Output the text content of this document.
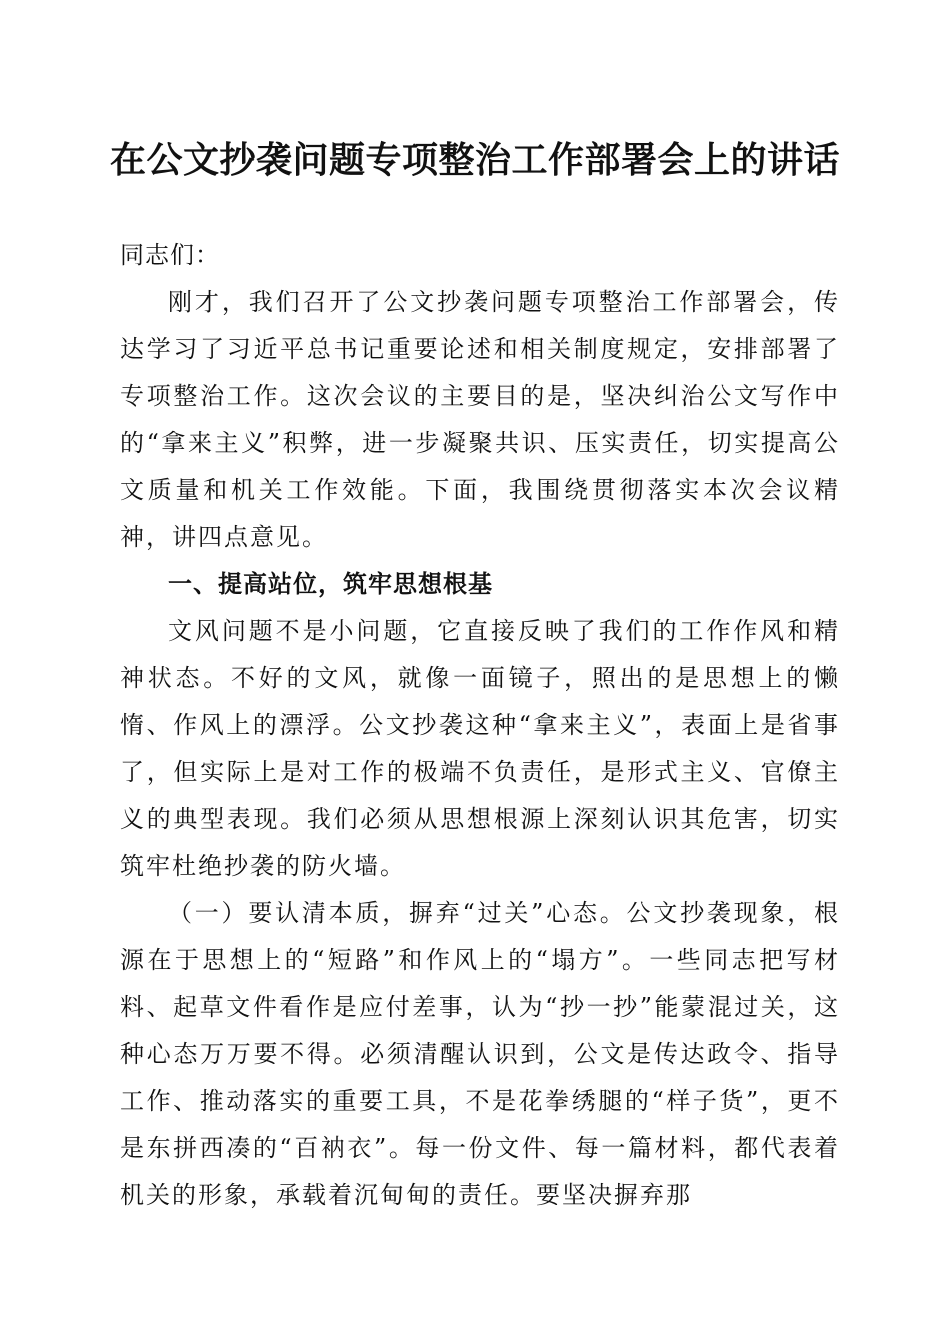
在公文抄袭问题专项整治工作部署会上的讲话

同志们：

刚才，我们召开了公文抄袭问题专项整治工作部署会，传达学习了习近平总书记重要论述和相关制度规定，安排部署了专项整治工作。这次会议的主要目的是，坚决纠治公文写作中的“拿来主义”积弊，进一步凝聚共识、压实责任，切实提高公文质量和机关工作效能。下面，我围绕贯彻落实本次会议精神，讲四点意见。

一、提高站位，筑牢思想根基

文风问题不是小问题，它直接反映了我们的工作作风和精神状态。不好的文风，就像一面镜子，照出的是思想上的懒惰、作风上的漂浮。公文抄袭这种“拿来主义”，表面上是省事了，但实际上是对工作的极端不负责任，是形式主义、官僚主义的典型表现。我们必须从思想根源上深刻认识其危害，切实筑牢杜绝抄袭的防火墙。

（一）要认清本质，摒弃“过关”心态。公文抄袭现象，根源在于思想上的“短路”和作风上的“塌方”。一些同志把写材料、起草文件看作是应付差事，认为“抄一抄”能蒙混过关，这种心态万万要不得。必须清醒认识到，公文是传达政令、指导工作、推动落实的重要工具，不是花拳绣腿的“样子货”，更不是东拼西凑的“百衲衣”。每一份文件、每一篇材料，都代表着机关的形象，承载着沉甸甸的责任。要坚决摒弃那
